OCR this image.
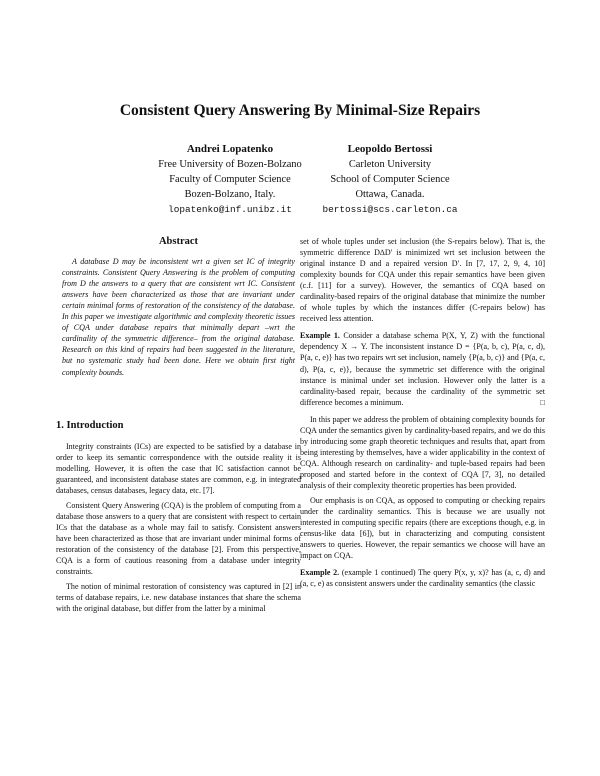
Consistent Query Answering By Minimal-Size Repairs
Andrei Lopatenko
Free University of Bozen-Bolzano
Faculty of Computer Science
Bozen-Bolzano, Italy.
lopatenko@inf.unibz.it
Leopoldo Bertossi
Carleton University
School of Computer Science
Ottawa, Canada.
bertossi@scs.carleton.ca
Abstract

A database D may be inconsistent wrt a given set IC of integrity constraints. Consistent Query Answering is the problem of computing from D the answers to a query that are consistent wrt IC. Consistent answers have been characterized as those that are invariant under certain minimal forms of restoration of the consistency of the database. In this paper we investigate algorithmic and complexity theoretic issues of CQA under database repairs that minimally depart –wrt the cardinality of the symmetric difference– from the original database. Research on this kind of repairs had been suggested in the literature, but no systematic study had been done. Here we obtain first tight complexity bounds.

1. Introduction

Integrity constraints (ICs) are expected to be satisfied by a database in order to keep its semantic correspondence with the outside reality it is modelling. However, it is often the case that IC satisfaction cannot be guaranteed, and inconsistent database states are common, e.g. in integrated databases, census databases, legacy data, etc. [7].

Consistent Query Answering (CQA) is the problem of computing from a database those answers to a query that are consistent with respect to certain ICs that the database as a whole may fail to satisfy. Consistent answers have been characterized as those that are invariant under minimal forms of restoration of the consistency of the database [2]. From this perspective, CQA is a form of cautious reasoning from a database under integrity constraints.

The notion of minimal restoration of consistency was captured in [2] in terms of database repairs, i.e. new database instances that share the schema with the original database, but differ from the latter by a minimal

set of whole tuples under set inclusion (the S-repairs below). That is, the symmetric difference D∆D′ is minimized wrt set inclusion between the original instance D and a repaired version D′. In [7, 17, 2, 9, 4, 10] complexity bounds for CQA under this repair semantics have been given (c.f. [11] for a survey). However, the semantics of CQA based on cardinality-based repairs of the original database that minimize the number of whole tuples by which the instances differ (C-repairs below) has received less attention.

Example 1. Consider a database schema P(X, Y, Z) with the functional dependency X → Y. The inconsistent instance D = {P(a, b, c), P(a, c, d), P(a, c, e)} has two repairs wrt set inclusion, namely {P(a, b, c)} and {P(a, c, d), P(a, c, e)}, because the symmetric set difference with the original instance is minimal under set inclusion. However only the latter is a cardinality-based repair, because the cardinality of the symmetric set difference becomes a minimum.	□

In this paper we address the problem of obtaining complexity bounds for CQA under the semantics given by cardinality-based repairs, and we do this by introducing some graph theoretic techniques and results that, apart from being interesting by themselves, have a wider applicability in the context of CQA. Although research on cardinality- and tuple-based repairs had been proposed and started before in the context of CQA [7, 3], no detailed analysis of their complexity theoretic properties has been provided.

Our emphasis is on CQA, as opposed to computing or checking repairs under the cardinality semantics. This is because we are usually not interested in computing specific repairs (there are exceptions though, e.g. in census-like data [6]), but in characterizing and computing consistent answers to queries. However, the repair semantics we choose will have an impact on CQA.

Example 2. (example 1 continued) The query P(x, y, x)? has (a, c, d) and (a, c, e) as consistent answers under the cardinality semantics (the classic
